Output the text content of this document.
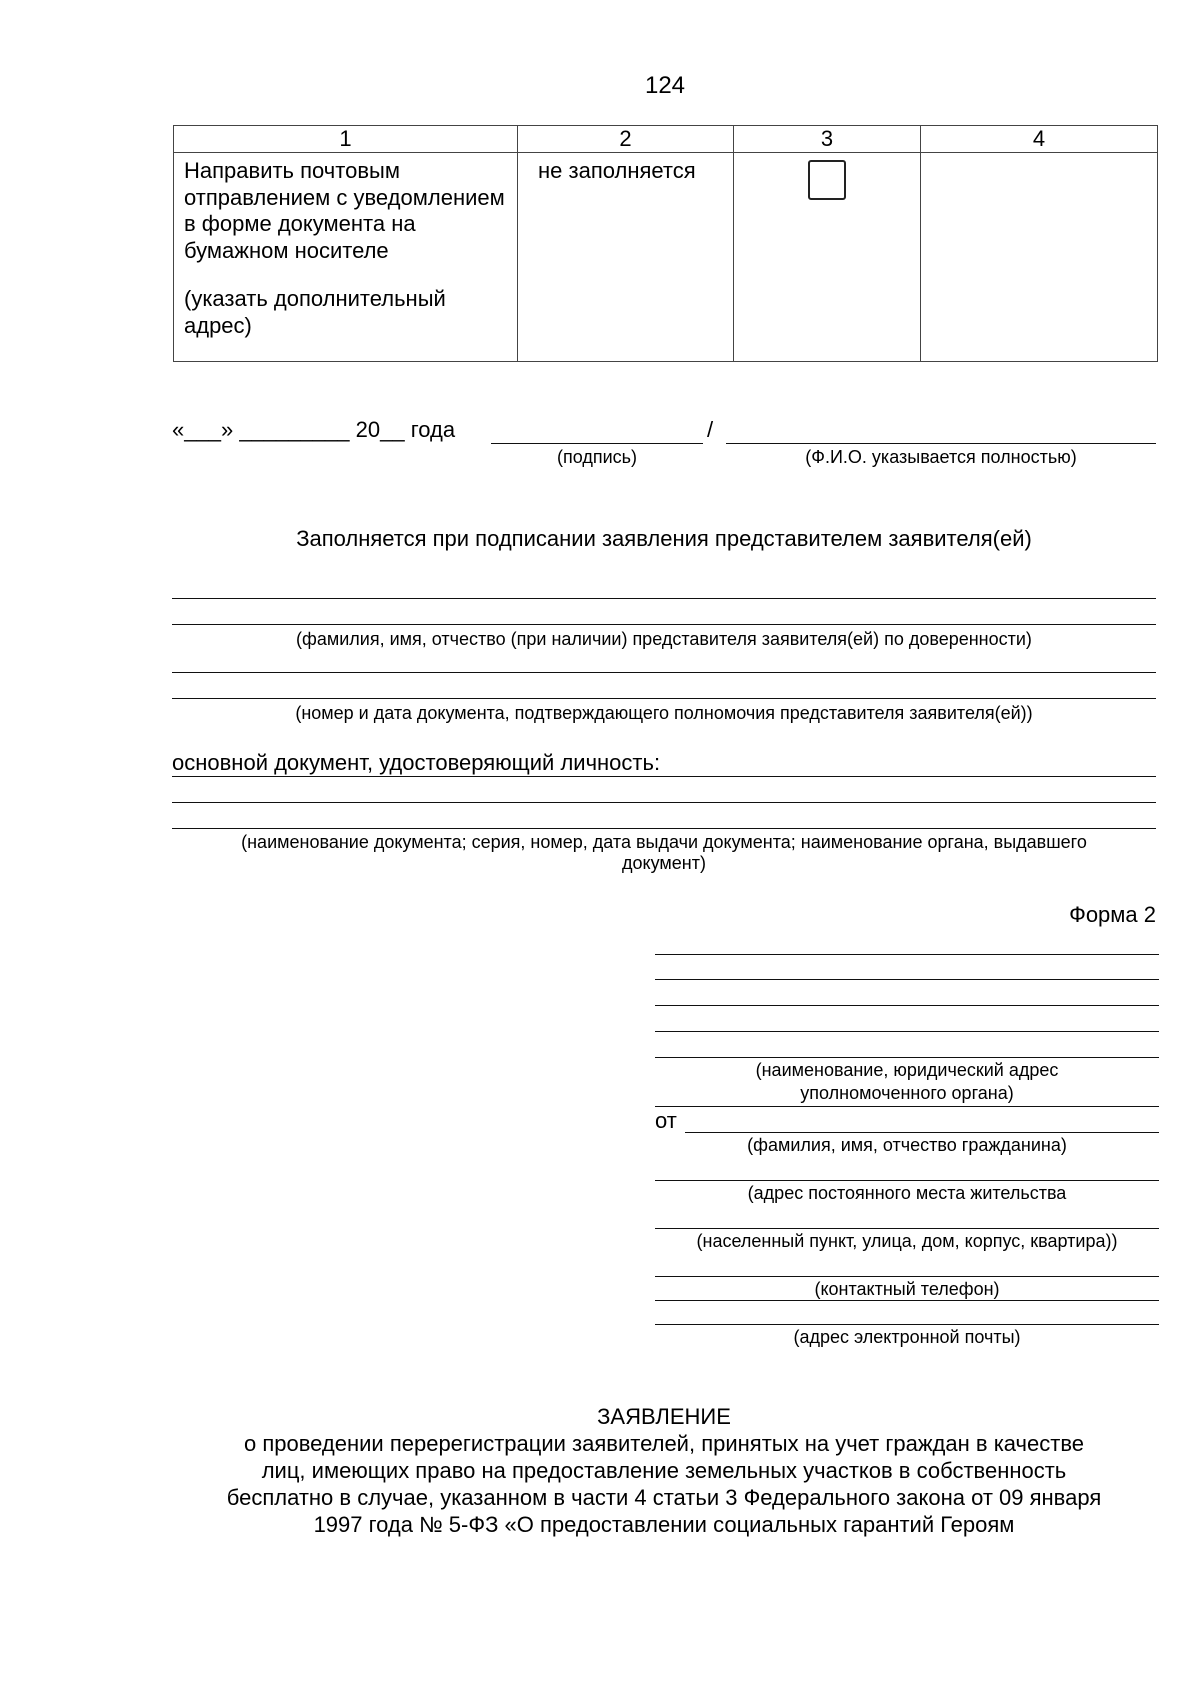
124
1	2	3	4

Направить почтовым отправлением с уведомлением в форме документа на бумажном носителе
(указать дополнительный адрес)	не заполняется		

«___» _________ 20__ года	/
(подпись)	(Ф.И.О. указывается полностью)
Заполняется при подписании заявления представителем заявителя(ей)
(фамилия, имя, отчество (при наличии) представителя заявителя(ей) по доверенности)
(номер и дата документа, подтверждающего полномочия представителя заявителя(ей))
основной документ, удостоверяющий личность:
(наименование документа; серия, номер, дата выдачи документа; наименование органа, выдавшего
документ)
Форма 2
(наименование, юридический адрес
уполномоченного органа)
от
(фамилия, имя, отчество гражданина)
(адрес постоянного места жительства
(населенный пункт, улица, дом, корпус, квартира))
(контактный телефон)
(адрес электронной почты)
ЗАЯВЛЕНИЕ
о проведении перерегистрации заявителей, принятых на учет граждан в качестве
лиц, имеющих право на предоставление земельных участков в собственность
бесплатно в случае, указанном в части 4 статьи 3 Федерального закона от 09 января
1997 года № 5-ФЗ «О предоставлении социальных гарантий Героям
